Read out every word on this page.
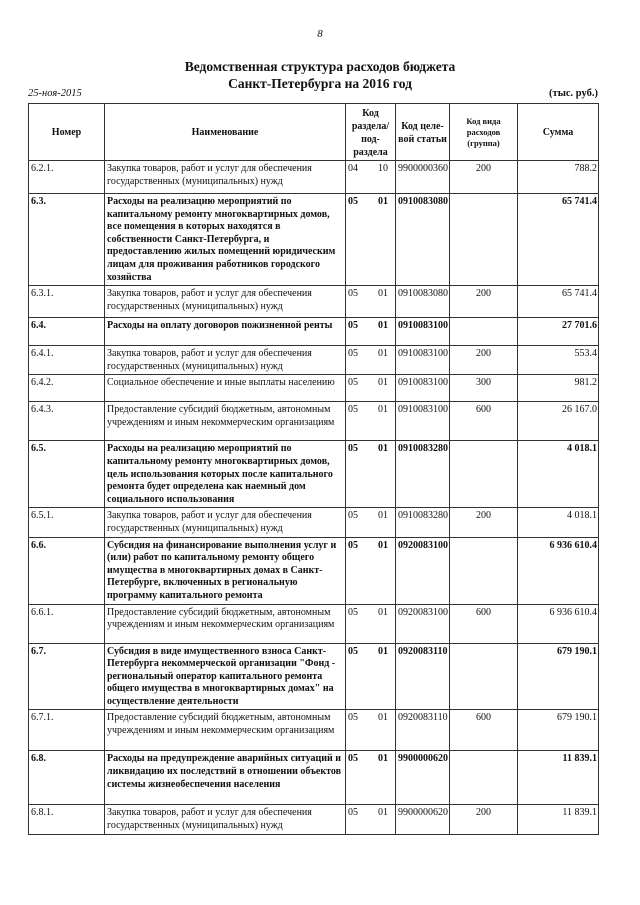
8
Ведомственная структура расходов бюджета
Санкт-Петербурга на 2016 год
25-ноя-2015	(тыс. руб.)
Номер	Наименование	Код раздела/ под-раздела	Код целе-вой статьи	Код вида расходов (группа)	Сумма
6.2.1.	Закупка товаров, работ и услуг для обеспечения государственных (муниципальных) нужд	04 10	9900000360	200	788.2
6.3.	Расходы на реализацию мероприятий по капитальному ремонту многоквартирных домов, все помещения в которых находятся в собственности Санкт-Петербурга, и предоставлению жилых помещений юридическим лицам для проживания работников городского хозяйства	05 01	0910083080		65 741.4
6.3.1.	Закупка товаров, работ и услуг для обеспечения государственных (муниципальных) нужд	05 01	0910083080	200	65 741.4
6.4.	Расходы на оплату договоров пожизненной ренты	05 01	0910083100		27 701.6
6.4.1.	Закупка товаров, работ и услуг для обеспечения государственных (муниципальных) нужд	05 01	0910083100	200	553.4
6.4.2.	Социальное обеспечение и иные выплаты населению	05 01	0910083100	300	981.2
6.4.3.	Предоставление субсидий бюджетным, автономным учреждениям и иным некоммерческим организациям	05 01	0910083100	600	26 167.0
6.5.	Расходы на реализацию мероприятий по капитальному ремонту многоквартирных домов, цель использования которых после капитального ремонта будет определена как наемный дом социального использования	05 01	0910083280		4 018.1
6.5.1.	Закупка товаров, работ и услуг для обеспечения государственных (муниципальных) нужд	05 01	0910083280	200	4 018.1
6.6.	Субсидия на финансирование выполнения услуг и (или) работ по капитальному ремонту общего имущества в многоквартирных домах в Санкт-Петербурге, включенных в региональную программу капитального ремонта	05 01	0920083100		6 936 610.4
6.6.1.	Предоставление субсидий бюджетным, автономным учреждениям и иным некоммерческим организациям	05 01	0920083100	600	6 936 610.4
6.7.	Субсидия в виде имущественного взноса Санкт-Петербурга некоммерческой организации "Фонд - региональный оператор капитального ремонта общего имущества в многоквартирных домах" на осуществление деятельности	05 01	0920083110		679 190.1
6.7.1.	Предоставление субсидий бюджетным, автономным учреждениям и иным некоммерческим организациям	05 01	0920083110	600	679 190.1
6.8.	Расходы на предупреждение аварийных ситуаций и ликвидацию их последствий в отношении объектов системы жизнеобеспечения населения	05 01	9900000620		11 839.1
6.8.1.	Закупка товаров, работ и услуг для обеспечения государственных (муниципальных) нужд	05 01	9900000620	200	11 839.1
